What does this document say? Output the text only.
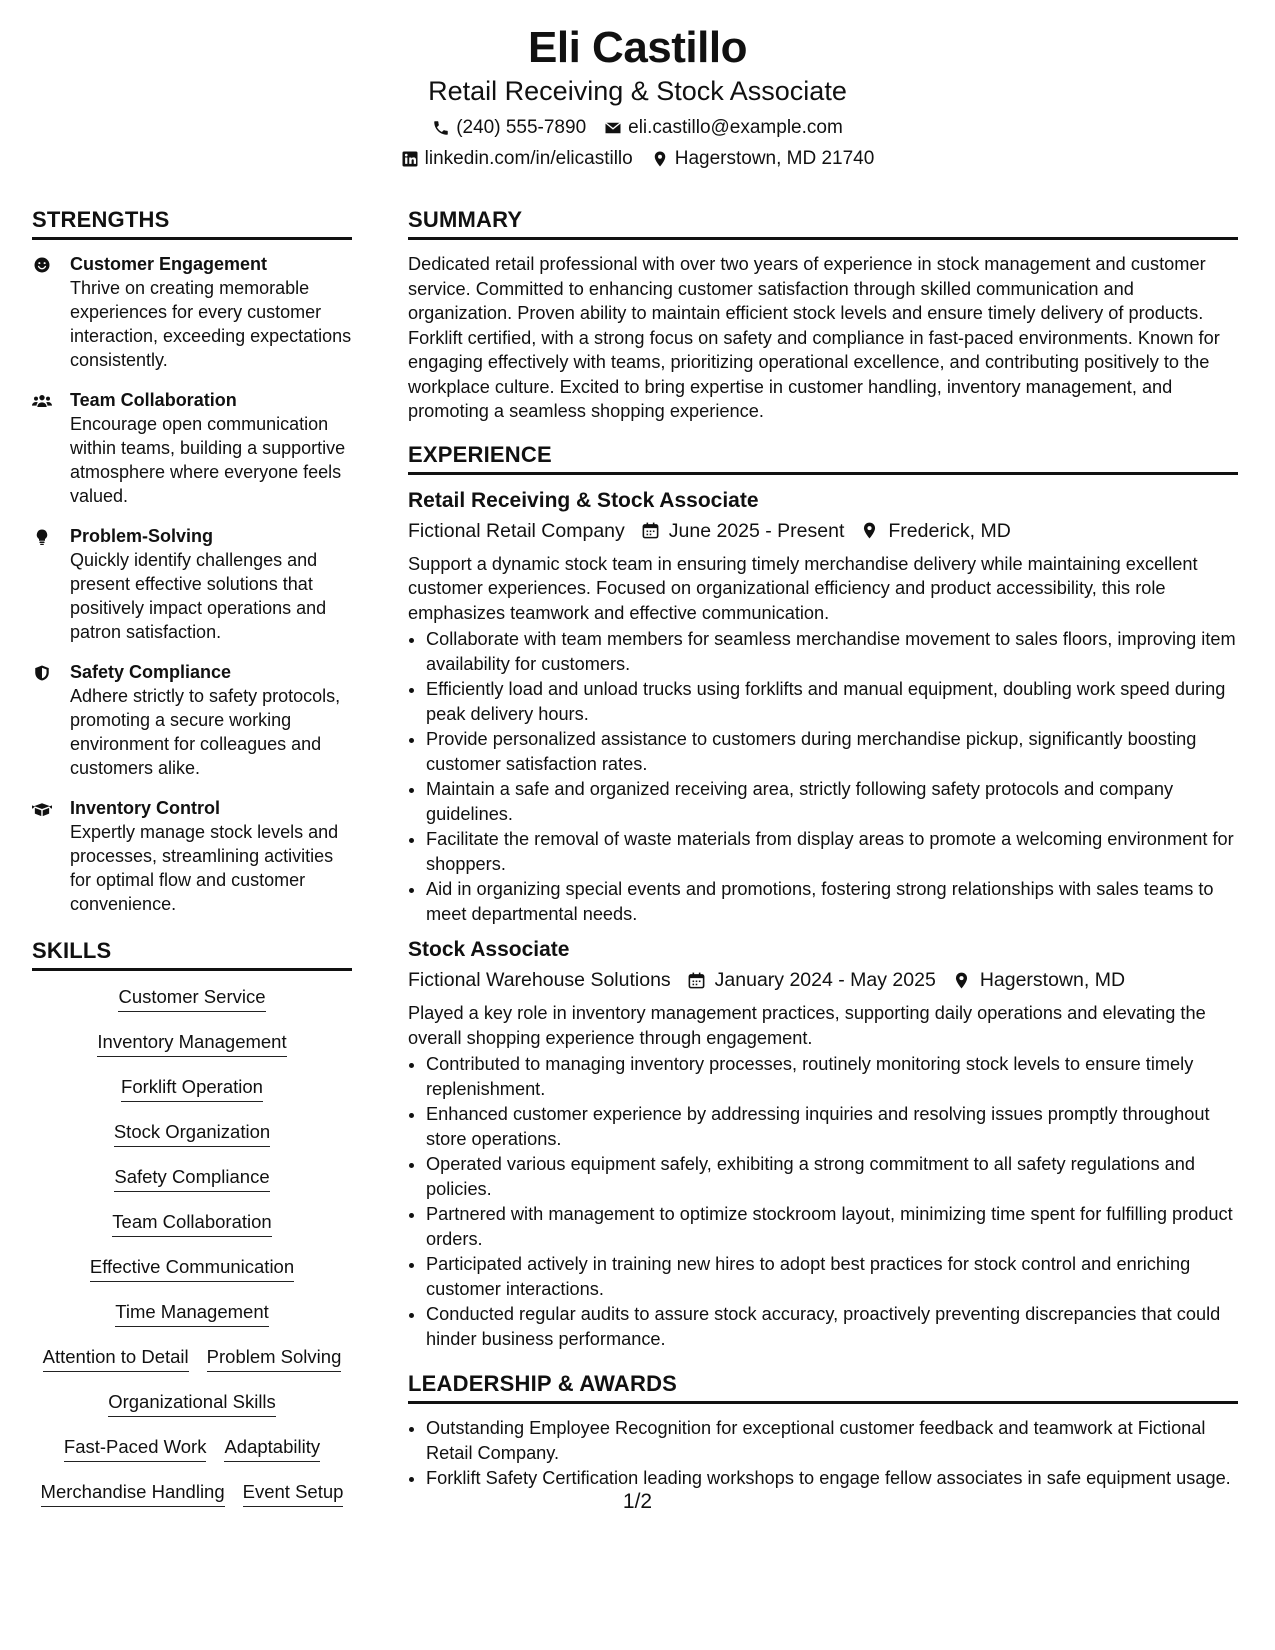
Eli Castillo
Retail Receiving & Stock Associate
(240) 555-7890 eli.castillo@example.com
linkedin.com/in/elicastillo Hagerstown, MD 21740
STRENGTHS
Customer Engagement
Thrive on creating memorable experiences for every customer interaction, exceeding expectations consistently.
Team Collaboration
Encourage open communication within teams, building a supportive atmosphere where everyone feels valued.
Problem-Solving
Quickly identify challenges and present effective solutions that positively impact operations and patron satisfaction.
Safety Compliance
Adhere strictly to safety protocols, promoting a secure working environment for colleagues and customers alike.
Inventory Control
Expertly manage stock levels and processes, streamlining activities for optimal flow and customer convenience.
SKILLS
Customer Service
Inventory Management
Forklift Operation
Stock Organization
Safety Compliance
Team Collaboration
Effective Communication
Time Management
Attention to Detail Problem Solving
Organizational Skills
Fast-Paced Work Adaptability
Merchandise Handling Event Setup
SUMMARY
Dedicated retail professional with over two years of experience in stock management and customer service. Committed to enhancing customer satisfaction through skilled communication and organization. Proven ability to maintain efficient stock levels and ensure timely delivery of products. Forklift certified, with a strong focus on safety and compliance in fast-paced environments. Known for engaging effectively with teams, prioritizing operational excellence, and contributing positively to the workplace culture. Excited to bring expertise in customer handling, inventory management, and promoting a seamless shopping experience.
EXPERIENCE
Retail Receiving & Stock Associate
Fictional Retail Company June 2025 - Present Frederick, MD
Support a dynamic stock team in ensuring timely merchandise delivery while maintaining excellent customer experiences. Focused on organizational efficiency and product accessibility, this role emphasizes teamwork and effective communication.
• Collaborate with team members for seamless merchandise movement to sales floors, improving item availability for customers.
• Efficiently load and unload trucks using forklifts and manual equipment, doubling work speed during peak delivery hours.
• Provide personalized assistance to customers during merchandise pickup, significantly boosting customer satisfaction rates.
• Maintain a safe and organized receiving area, strictly following safety protocols and company guidelines.
• Facilitate the removal of waste materials from display areas to promote a welcoming environment for shoppers.
• Aid in organizing special events and promotions, fostering strong relationships with sales teams to meet departmental needs.
Stock Associate
Fictional Warehouse Solutions January 2024 - May 2025 Hagerstown, MD
Played a key role in inventory management practices, supporting daily operations and elevating the overall shopping experience through engagement.
• Contributed to managing inventory processes, routinely monitoring stock levels to ensure timely replenishment.
• Enhanced customer experience by addressing inquiries and resolving issues promptly throughout store operations.
• Operated various equipment safely, exhibiting a strong commitment to all safety regulations and policies.
• Partnered with management to optimize stockroom layout, minimizing time spent for fulfilling product orders.
• Participated actively in training new hires to adopt best practices for stock control and enriching customer interactions.
• Conducted regular audits to assure stock accuracy, proactively preventing discrepancies that could hinder business performance.
LEADERSHIP & AWARDS
• Outstanding Employee Recognition for exceptional customer feedback and teamwork at Fictional Retail Company.
• Forklift Safety Certification leading workshops to engage fellow associates in safe equipment usage.
1/2
